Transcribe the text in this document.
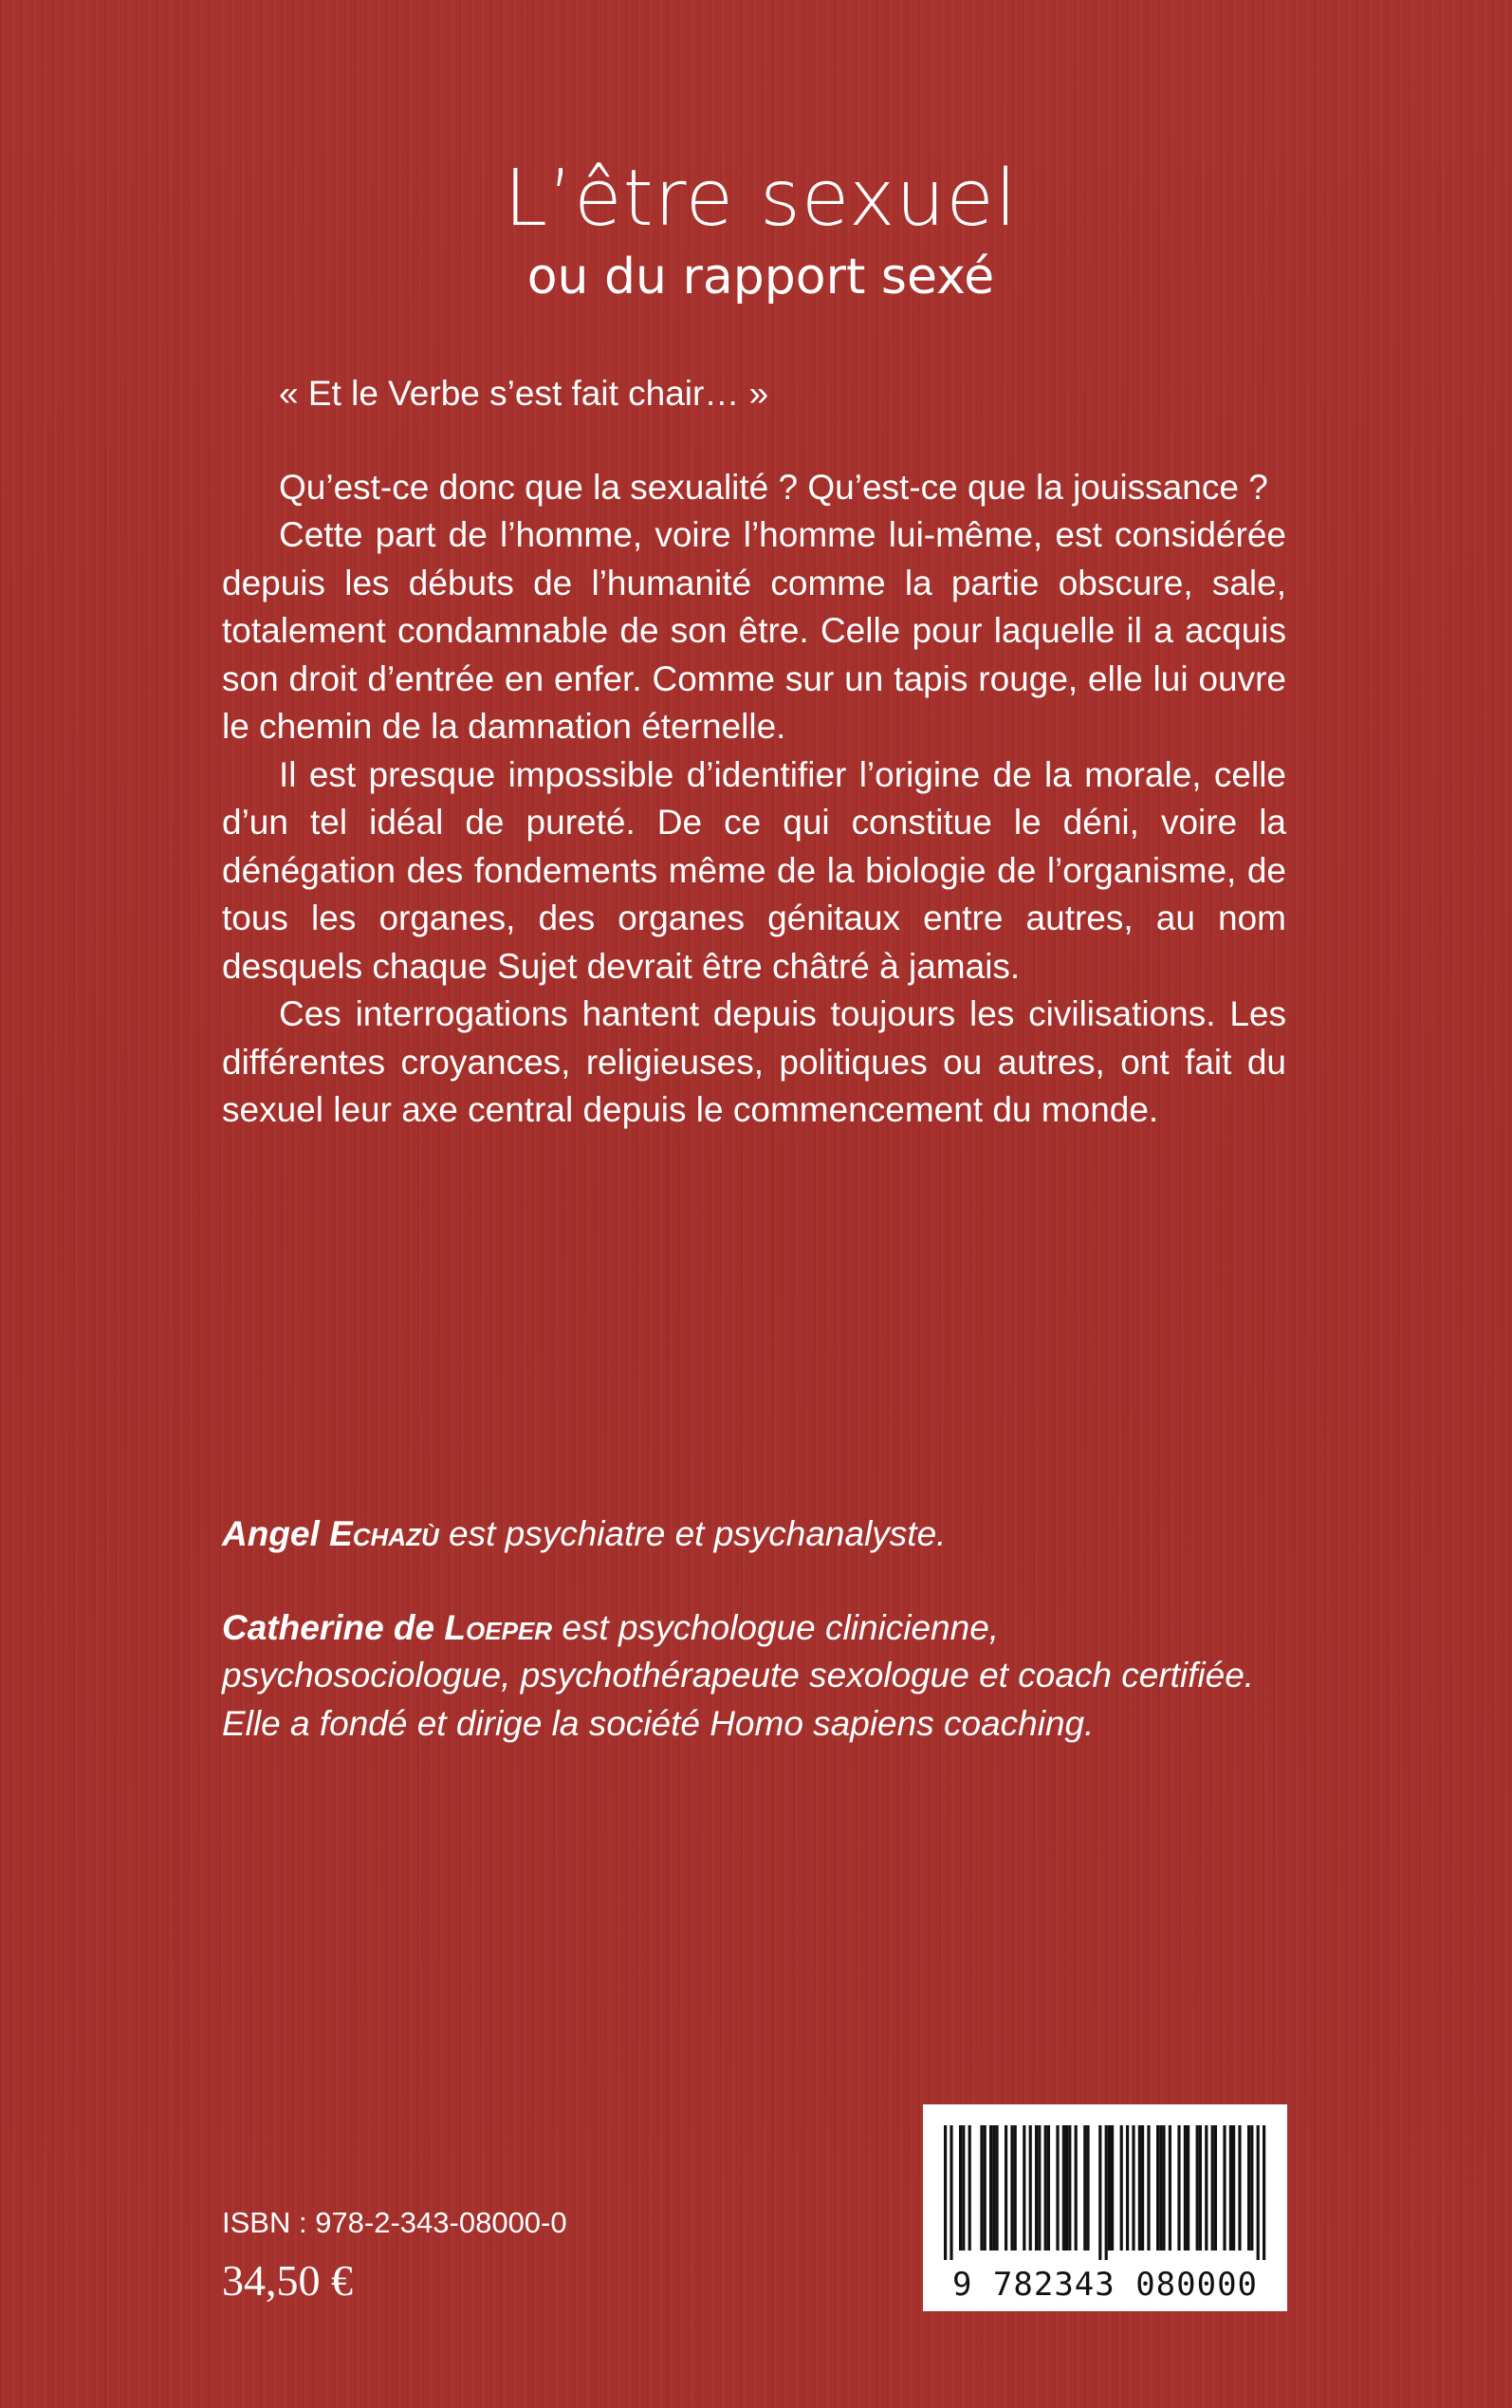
L’être sexuel
ou du rapport sexé
« Et le Verbe s’est fait chair… »

Qu’est-ce donc que la sexualité ? Qu’est-ce que la jouissance ?

Cette part de l’homme, voire l’homme lui-même, est considérée depuis les débuts de l’humanité comme la partie obscure, sale, totalement condamnable de son être. Celle pour laquelle il a acquis son droit d’entrée en enfer. Comme sur un tapis rouge, elle lui ouvre le chemin de la damnation éternelle.

Il est presque impossible d’identifier l’origine de la morale, celle d’un tel idéal de pureté. De ce qui constitue le déni, voire la dénégation des fondements même de la biologie de l’organisme, de tous les organes, des organes génitaux entre autres, au nom desquels chaque Sujet devrait être châtré à jamais.

Ces interrogations hantent depuis toujours les civilisations. Les différentes croyances, religieuses, politiques ou autres, ont fait du sexuel leur axe central depuis le commencement du monde.

Angel Echazù est psychiatre et psychanalyste.

Catherine de Loeper est psychologue clinicienne, psychosociologue, psychothérapeute sexologue et coach certifiée. Elle a fondé et dirige la société Homo sapiens coaching.

ISBN : 978-2-343-08000-0
34,50 €	9 782343 080000
